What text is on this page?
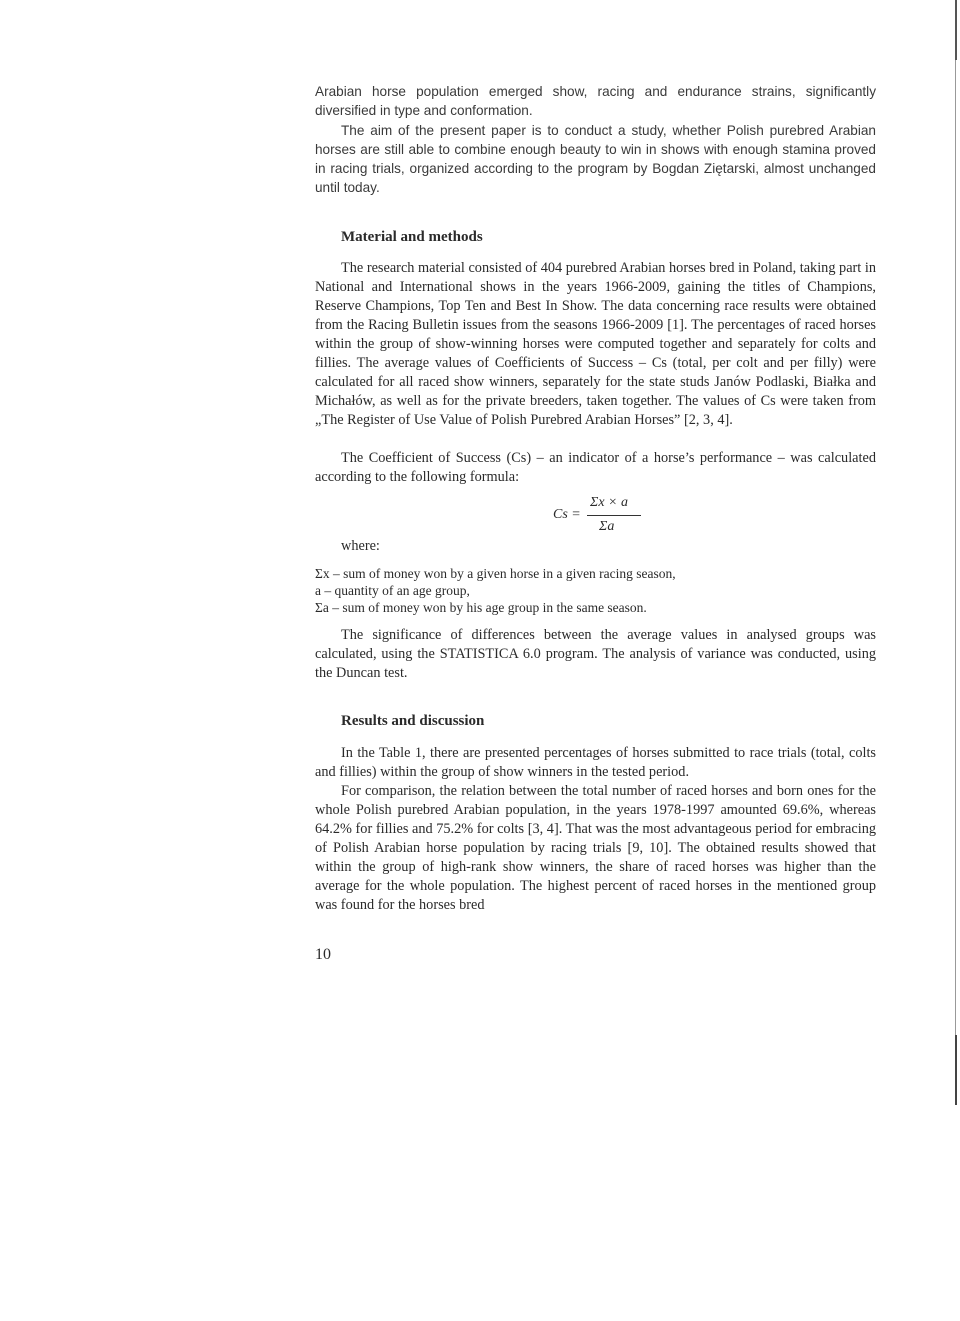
Arabian horse population emerged show, racing and endurance strains, significantly diversified in type and conformation.

The aim of the present paper is to conduct a study, whether Polish purebred Arabian horses are still able to combine enough beauty to win in shows with enough stamina proved in racing trials, organized according to the program by Bogdan Ziętarski, almost unchanged until today.

Material and methods

The research material consisted of 404 purebred Arabian horses bred in Poland, taking part in National and International shows in the years 1966-2009, gaining the titles of Champions, Reserve Champions, Top Ten and Best In Show. The data concerning race results were obtained from the Racing Bulletin issues from the seasons 1966-2009 [1]. The percentages of raced horses within the group of show-winning horses were computed together and separately for colts and fillies. The average values of Coefficients of Success – Cs (total, per colt and per filly) were calculated for all raced show winners, separately for the state studs Janów Podlaski, Białka and Michałów, as well as for the private breeders, taken together. The values of Cs were taken from „The Register of Use Value of Polish Purebred Arabian Horses” [2, 3, 4].

The Coefficient of Success (Cs) – an indicator of a horse’s performance – was calculated according to the following formula:

Cs =
Σx × a
Σa

where:

Σx – sum of money won by a given horse in a given racing season,

a – quantity of an age group,

Σa – sum of money won by his age group in the same season.

The significance of differences between the average values in analysed groups was calculated, using the STATISTICA 6.0 program. The analysis of variance was conducted, using the Duncan test.

Results and discussion

In the Table 1, there are presented percentages of horses submitted to race trials (total, colts and fillies) within the group of show winners in the tested period.

For comparison, the relation between the total number of raced horses and born ones for the whole Polish purebred Arabian population, in the years 1978-1997 amounted 69.6%, whereas 64.2% for fillies and 75.2% for colts [3, 4]. That was the most advantageous period for embracing of Polish Arabian horse population by racing trials [9, 10]. The obtained results showed that within the group of high-rank show winners, the share of raced horses was higher than the average for the whole population. The highest percent of raced horses in the mentioned group was found for the horses bred

10
